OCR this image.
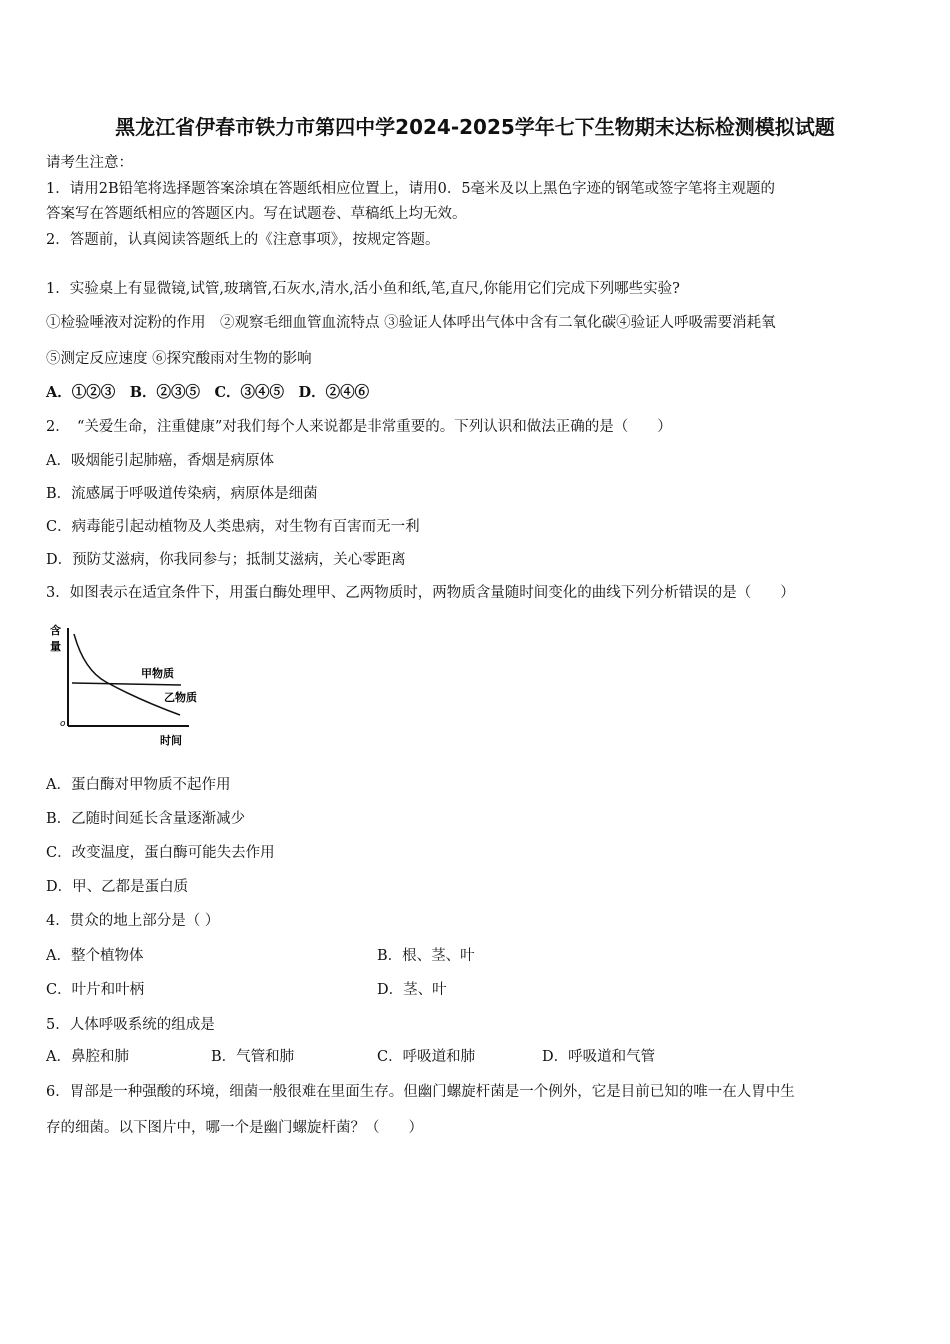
黑龙江省伊春市铁力市第四中学2024-2025学年七下生物期末达标检测模拟试题
请考生注意：
1．请用2B铅笔将选择题答案涂填在答题纸相应位置上，请用0．5毫米及以上黑色字迹的钢笔或签字笔将主观题的
答案写在答题纸相应的答题区内。写在试题卷、草稿纸上均无效。
2．答题前，认真阅读答题纸上的《注意事项》，按规定答题。
1．实验桌上有显微镜,试管,玻璃管,石灰水,清水,活小鱼和纸,笔,直尺,你能用它们完成下列哪些实验?
①检验唾液对淀粉的作用　②观察毛细血管血流特点 ③验证人体呼出气体中含有二氧化碳④验证人呼吸需要消耗氧
⑤测定反应速度 ⑥探究酸雨对生物的影响
A．①②③　B．②③⑤　C．③④⑤　D．②④⑥
2．　“关爱生命，注重健康”对我们每个人来说都是非常重要的。下列认识和做法正确的是（　　）
A．吸烟能引起肺癌，香烟是病原体
B．流感属于呼吸道传染病，病原体是细菌
C．病毒能引起动植物及人类患病，对生物有百害而无一利
D．预防艾滋病，你我同参与；抵制艾滋病，关心零距离
3．如图表示在适宜条件下，用蛋白酶处理甲、乙两物质时，两物质含量随时间变化的曲线下列分析错误的是（　　）
含
量
o
时间
甲物质
乙物质
A．蛋白酶对甲物质不起作用
B．乙随时间延长含量逐渐减少
C．改变温度，蛋白酶可能失去作用
D．甲、乙都是蛋白质
4．贯众的地上部分是（ ）
A．整个植物体	B．根、茎、叶
C．叶片和叶柄	D．茎、叶
5．人体呼吸系统的组成是
A．鼻腔和肺	B．气管和肺	C．呼吸道和肺	D．呼吸道和气管
6．胃部是一种强酸的环境，细菌一般很难在里面生存。但幽门螺旋杆菌是一个例外，它是目前已知的唯一在人胃中生
存的细菌。以下图片中，哪一个是幽门螺旋杆菌？（　　）
